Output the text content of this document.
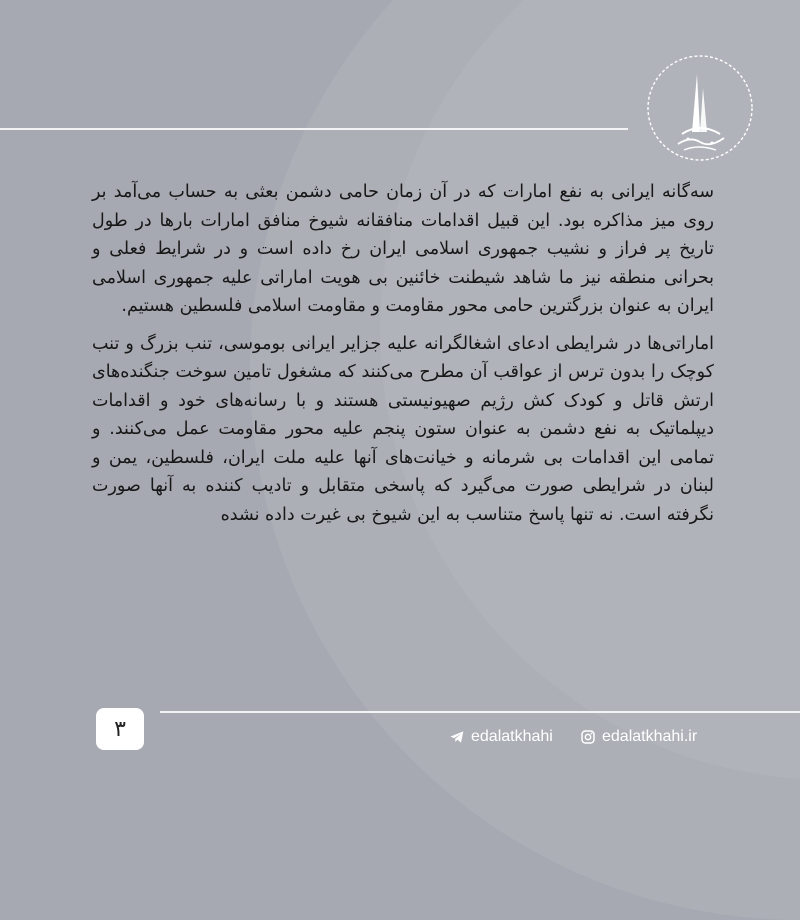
سه‌گانه ایرانی به نفع امارات که در آن زمان حامی دشمن بعثی به حساب می‌آمد بر روی میز مذاکره بود. این قبیل اقدامات منافقانه شیوخ منافق امارات بارها در طول تاریخ پر فراز و نشیب جمهوری اسلامی ایران رخ داده است و در شرایط فعلی و بحرانی منطقه نیز ما شاهد شیطنت خائنین بی هویت اماراتی علیه جمهوری اسلامی ایران به عنوان بزرگترین حامی محور مقاومت و مقاومت اسلامی فلسطین هستیم.

اماراتی‌ها در شرایطی ادعای اشغالگرانه علیه جزایر ایرانی بوموسی، تنب بزرگ و تنب کوچک را بدون ترس از عواقب آن مطرح می‌کنند که مشغول تامین سوخت جنگنده‌های ارتش قاتل و کودک کش رژیم صهیونیستی هستند و با رسانه‌های خود و اقدامات دیپلماتیک به نفع دشمن به عنوان ستون پنجم علیه محور مقاومت عمل می‌کنند. و تمامی این اقدامات بی شرمانه و خیانت‌های آنها علیه ملت ایران، فلسطین، یمن و لبنان در شرایطی صورت می‌گیرد که پاسخی متقابل و تادیب کننده به آنها صورت نگرفته است. نه تنها پاسخ متناسب به این شیوخ بی غیرت داده نشده

۳	edalatkhahi	edalatkhahi.ir
